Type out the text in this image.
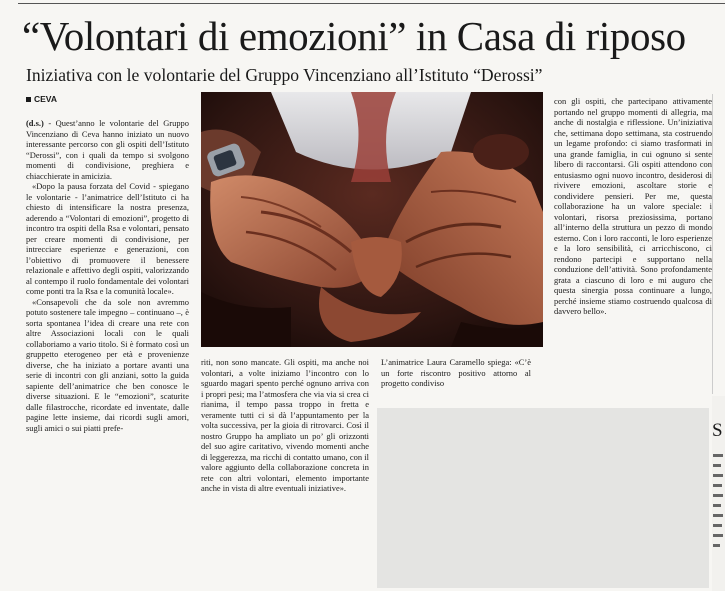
“Volontari di emozioni” in Casa di riposo
Iniziativa con le volontarie del Gruppo Vincenziano all’Istituto “Derossi”
CEVA

(d.s.) - Quest’anno le volontarie del Gruppo Vincenziano di Ceva hanno iniziato un nuovo interessante percorso con gli ospiti dell’Istituto “Derossi”, con i quali da tempo si svolgono momenti di condivisione, preghiera e chiacchierate in amicizia.

«Dopo la pausa forzata del Covid - spiegano le volontarie - l’animatrice dell’Istituto ci ha chiesto di intensificare la nostra presenza, aderendo a “Volontari di emozioni”, progetto di incontro tra ospiti della Rsa e volontari, pensato per creare momenti di condivisione, per intrecciare esperienze e generazioni, con l’obiettivo di promuovere il benessere relazionale e affettivo degli ospiti, valorizzando al contempo il ruolo fondamentale dei volontari come ponti tra la Rsa e la comunità locale».

«Consapevoli che da sole non avremmo potuto sostenere tale impegno – continuano –, è sorta spontanea l’idea di creare una rete con altre Associazioni locali con le quali collaboriamo a vario titolo. Si è formato così un gruppetto eterogeneo per età e provenienze diverse, che ha iniziato a portare avanti una serie di incontri con gli anziani, sotto la guida sapiente dell’animatrice che ben conosce le diverse situazioni. E le “emozioni”, scaturite dalle filastrocche, ricordate ed inventate, dalle pagine lette insieme, dai ricordi sugli amori, sugli amici o sui piatti prefe-

riti, non sono mancate. Gli ospiti, ma anche noi volontari, a volte iniziamo l’incontro con lo sguardo magari spento perché ognuno arriva con i propri pesi; ma l’atmosfera che via via si crea ci rianima, il tempo passa troppo in fretta e veramente tutti ci si dà l’appuntamento per la volta successiva, per la gioia di ritrovarci. Così il nostro Gruppo ha ampliato un po’ gli orizzonti del suo agire caritativo, vivendo momenti anche di leggerezza, ma ricchi di contatto umano, con il valore aggiunto della collaborazione concreta in rete con altri volontari, elemento importante anche in vista di altre eventuali iniziative».

L’animatrice Laura Caramello spiega: «C’è un forte riscontro positivo attorno al progetto condiviso

con gli ospiti, che partecipano attivamente portando nel gruppo momenti di allegria, ma anche di nostalgia e riflessione. Un’iniziativa che, settimana dopo settimana, sta costruendo un legame profondo: ci siamo trasformati in una grande famiglia, in cui ognuno si sente libero di raccontarsi. Gli ospiti attendono con entusiasmo ogni nuovo incontro, desiderosi di rivivere emozioni, ascoltare storie e condividere pensieri. Per me, questa collaborazione ha un valore speciale: i volontari, risorsa preziosissima, portano all’interno della struttura un pezzo di mondo esterno. Con i loro racconti, le loro esperienze e la loro sensibilità, ci arricchiscono, ci rendono partecipi e supportano nella conduzione dell’attività. Sono profondamente grata a ciascuno di loro e mi auguro che questa sinergia possa continuare a lungo, perché insieme stiamo costruendo qualcosa di davvero bello».

S
